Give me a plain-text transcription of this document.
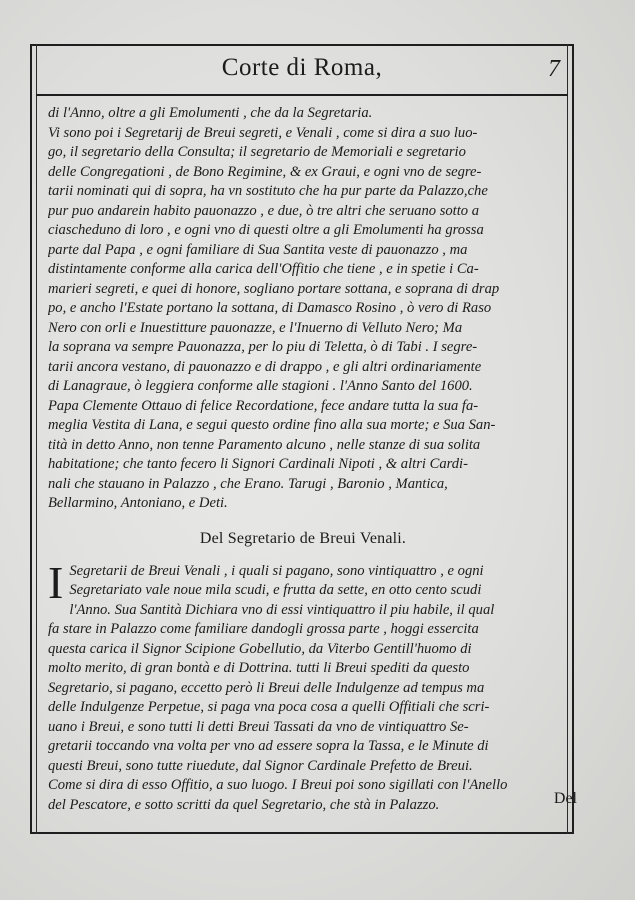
Corte di Roma,	7
di l'Anno, oltre a gli Emolumenti , che da la Segretaria.
Vi sono poi i Segretarij de Breui segreti, e Venali , come si dira a suo luo-
go, il segretario della Consulta; il segretario de Memoriali e segretario
delle Congregationi , de Bono Regimine, & ex Graui, e ogni vno de segre-
tarii nominati qui di sopra, ha vn sostituto che ha pur parte da Palazzo,che
pur puo andarein habito pauonazzo , e due, ò tre altri che seruano sotto a
ciascheduno di loro , e ogni vno di questi oltre a gli Emolumenti ha grossa
parte dal Papa , e ogni familiare di Sua Santita veste di pauonazzo , ma
distintamente conforme alla carica dell'Offitio che tiene , e in spetie i Ca-
marieri segreti, e quei di honore, sogliano portare sottana, e soprana di drap
po, e ancho l'Estate portano la sottana, di Damasco Rosino , ò vero di Raso
Nero con orli e Inuestitture pauonazze, e l'Inuerno di Velluto Nero; Ma
la soprana va sempre Pauonazza, per lo piu di Teletta, ò di Tabi . I segre-
tarii ancora vestano, di pauonazzo e di drappo , e gli altri ordinariamente
di Lanagraue, ò leggiera conforme alle stagioni . l'Anno Santo del 1600.
Papa Clemente Ottauo di felice Recordatione, fece andare tutta la sua fa-
meglia Vestita di Lana, e segui questo ordine fino alla sua morte; e Sua San-
tità in detto Anno, non tenne Paramento alcuno , nelle stanze di sua solita
habitatione; che tanto fecero li Signori Cardinali Nipoti , & altri Cardi-
nali che stauano in Palazzo , che Erano. Tarugi , Baronio , Mantica,
Bellarmino, Antoniano, e Deti.
Del Segretario de Breui Venali.
I Segretarii de Breui Venali , i quali si pagano, sono vintiquattro , e ogni
Segretariato vale noue mila scudi, e frutta da sette, en otto cento scudi
l'Anno. Sua Santità Dichiara vno di essi vintiquattro il piu habile, il qual
fa stare in Palazzo come familiare dandogli grossa parte , hoggi essercita
questa carica il Signor Scipione Gobellutio, da Viterbo Gentill'huomo di
molto merito, di gran bontà e di Dottrina. tutti li Breui spediti da questo
Segretario, si pagano, eccetto però li Breui delle Indulgenze ad tempus ma
delle Indulgenze Perpetue, si paga vna poca cosa a quelli Offitiali che scri-
uano i Breui, e sono tutti li detti Breui Tassati da vno de vintiquattro Se-
gretarii toccando vna volta per vno ad essere sopra la Tassa, e le Minute di
questi Breui, sono tutte riuedute, dal Signor Cardinale Prefetto de Breui.
Come si dira di esso Offitio, a suo luogo. I Breui poi sono sigillati con l'Anello
del Pescatore, e sotto scritti da quel Segretario, che stà in Palazzo.	Del
